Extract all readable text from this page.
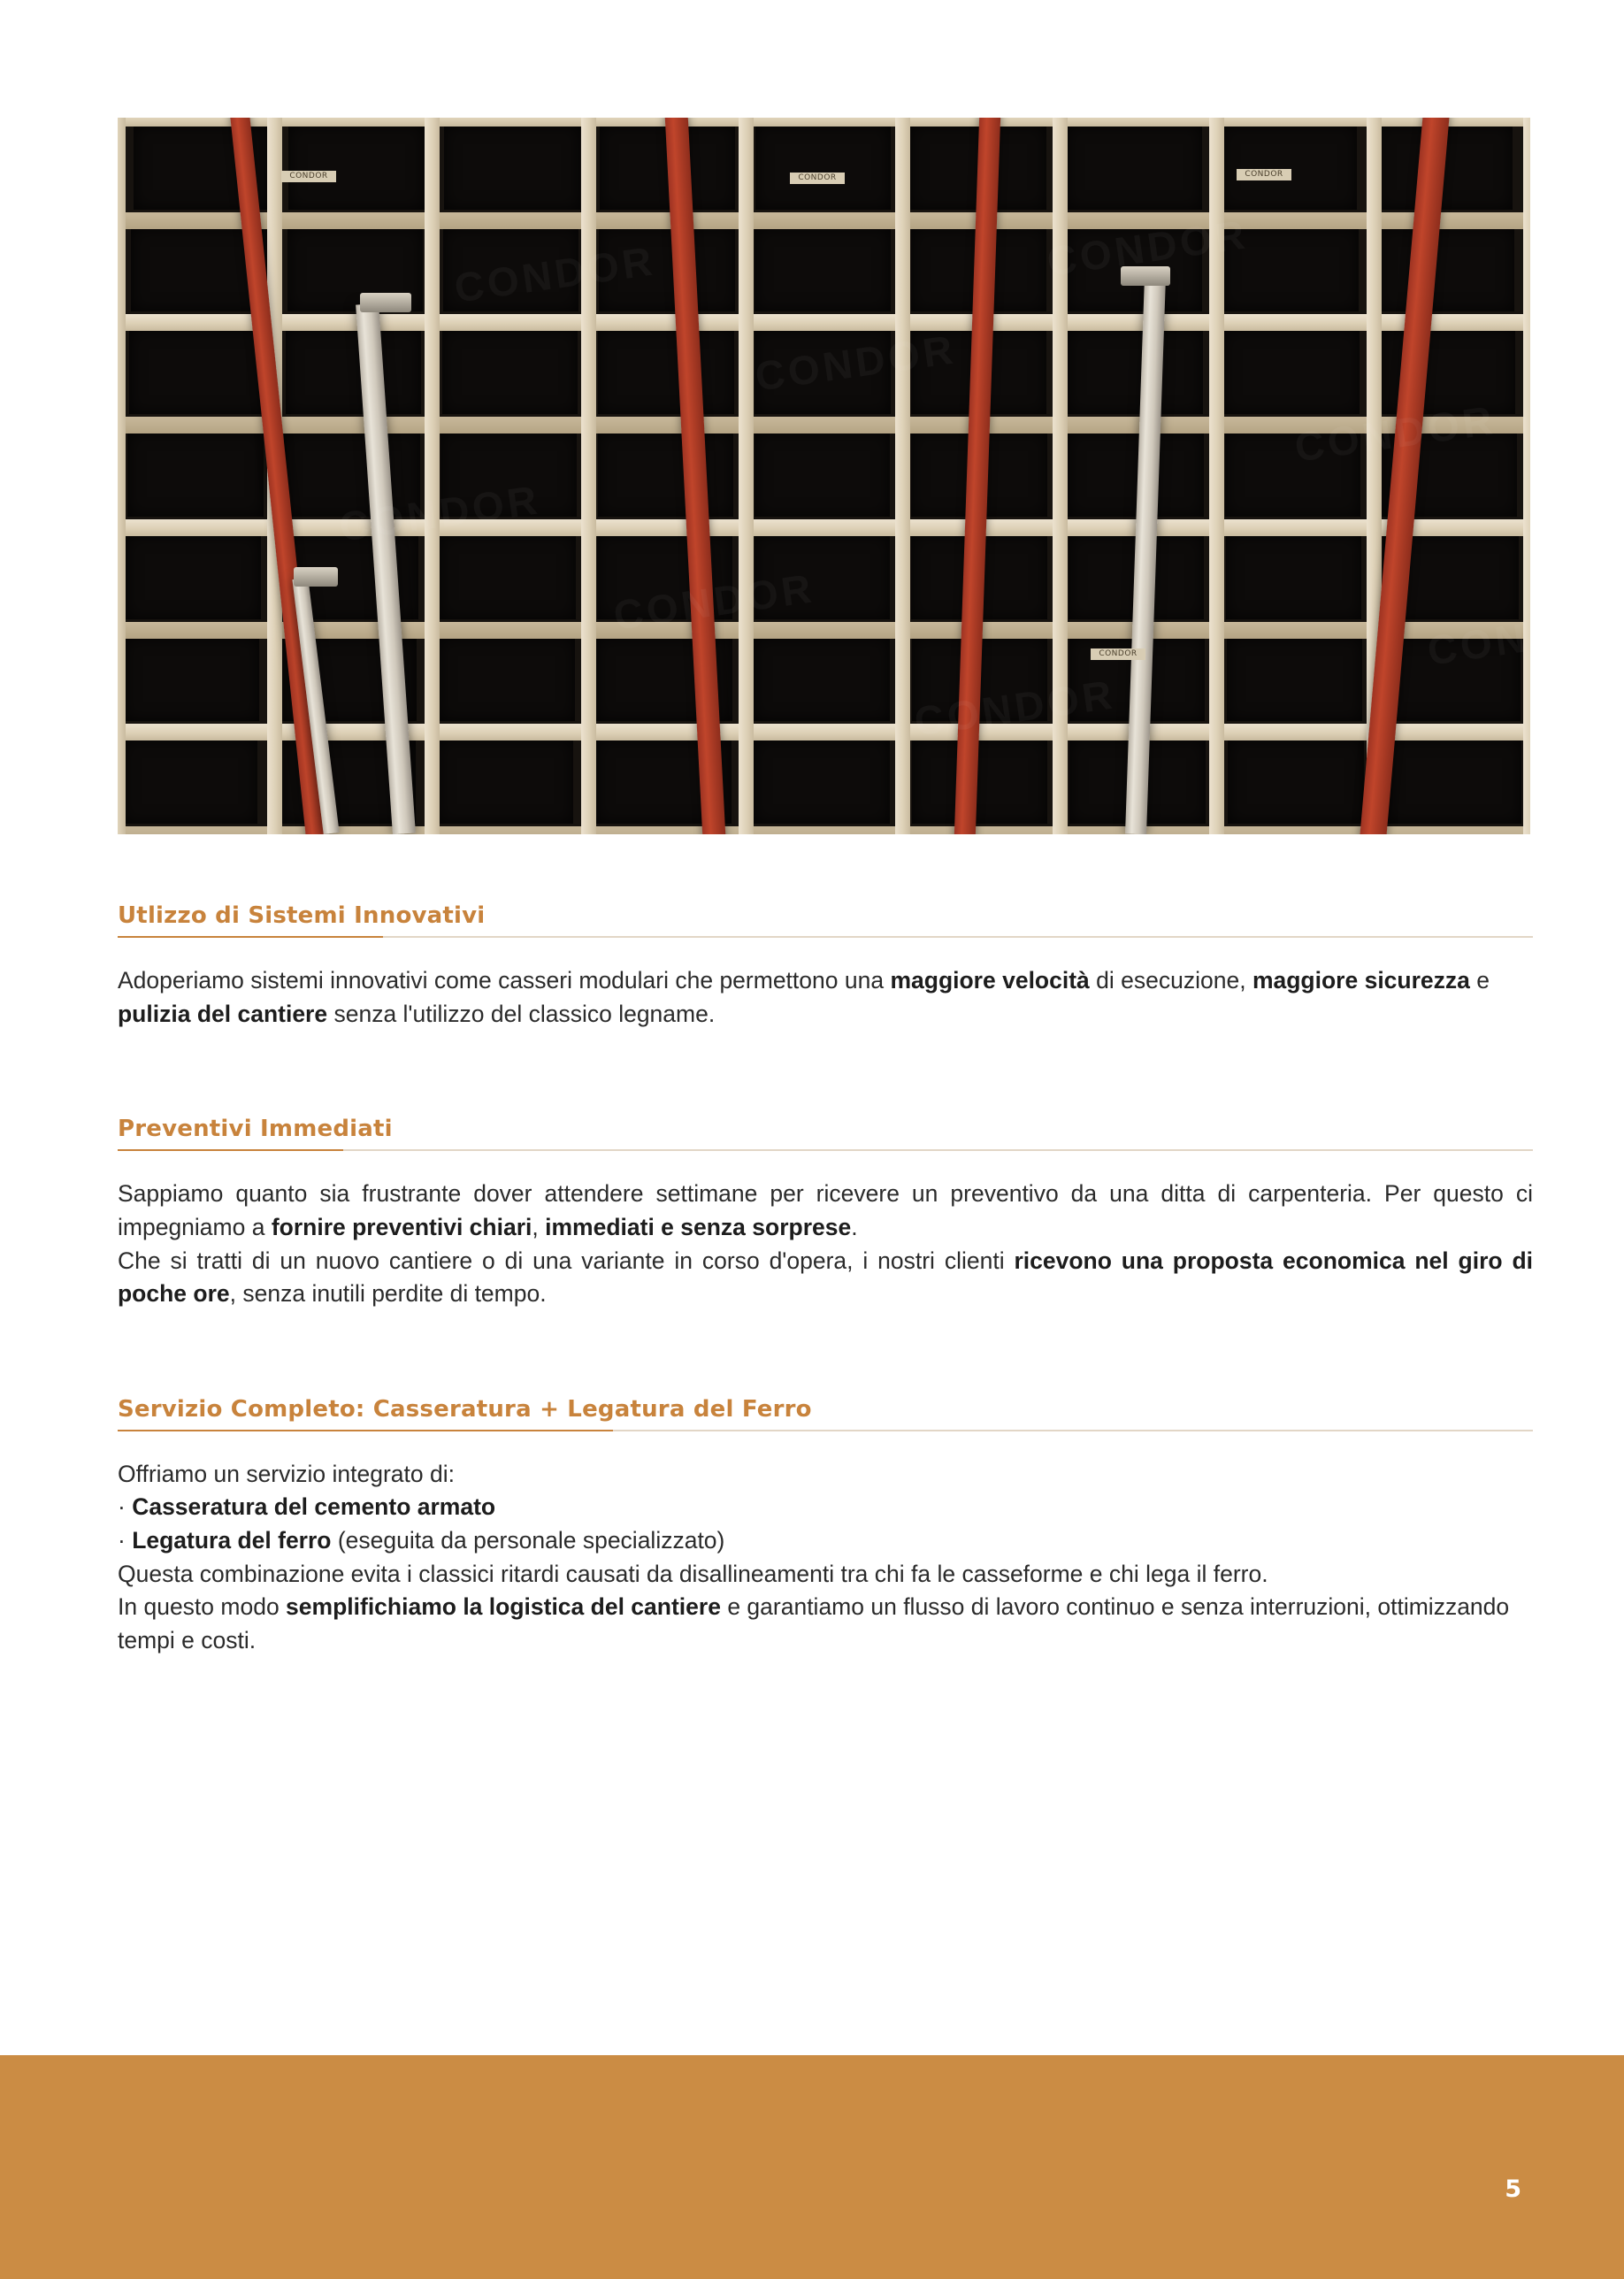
CONDOR	CONDOR	CONDOR
CONDOR
Utlizzo di Sistemi Innovativi

Adoperiamo sistemi innovativi come casseri modulari che permettono una maggiore velocità di esecuzione, maggiore sicurezza e pulizia del cantiere senza l'utilizzo del classico legname.

Preventivi Immediati

Sappiamo quanto sia frustrante dover attendere settimane per ricevere un preventivo da una ditta di carpenteria. Per questo ci impegniamo a fornire preventivi chiari, immediati e senza sorprese.

Che si tratti di un nuovo cantiere o di una variante in corso d'opera, i nostri clienti ricevono una proposta economica nel giro di poche ore, senza inutili perdite di tempo.

Servizio Completo: Casseratura + Legatura del Ferro

Offriamo un servizio integrato di:

· Casseratura del cemento armato

· Legatura del ferro (eseguita da personale specializzato)

Questa combinazione evita i classici ritardi causati da disallineamenti tra chi fa le casseforme e chi lega il ferro.

In questo modo semplifichiamo la logistica del cantiere e garantiamo un flusso di lavoro continuo e senza interruzioni, ottimizzando tempi e costi.

5
